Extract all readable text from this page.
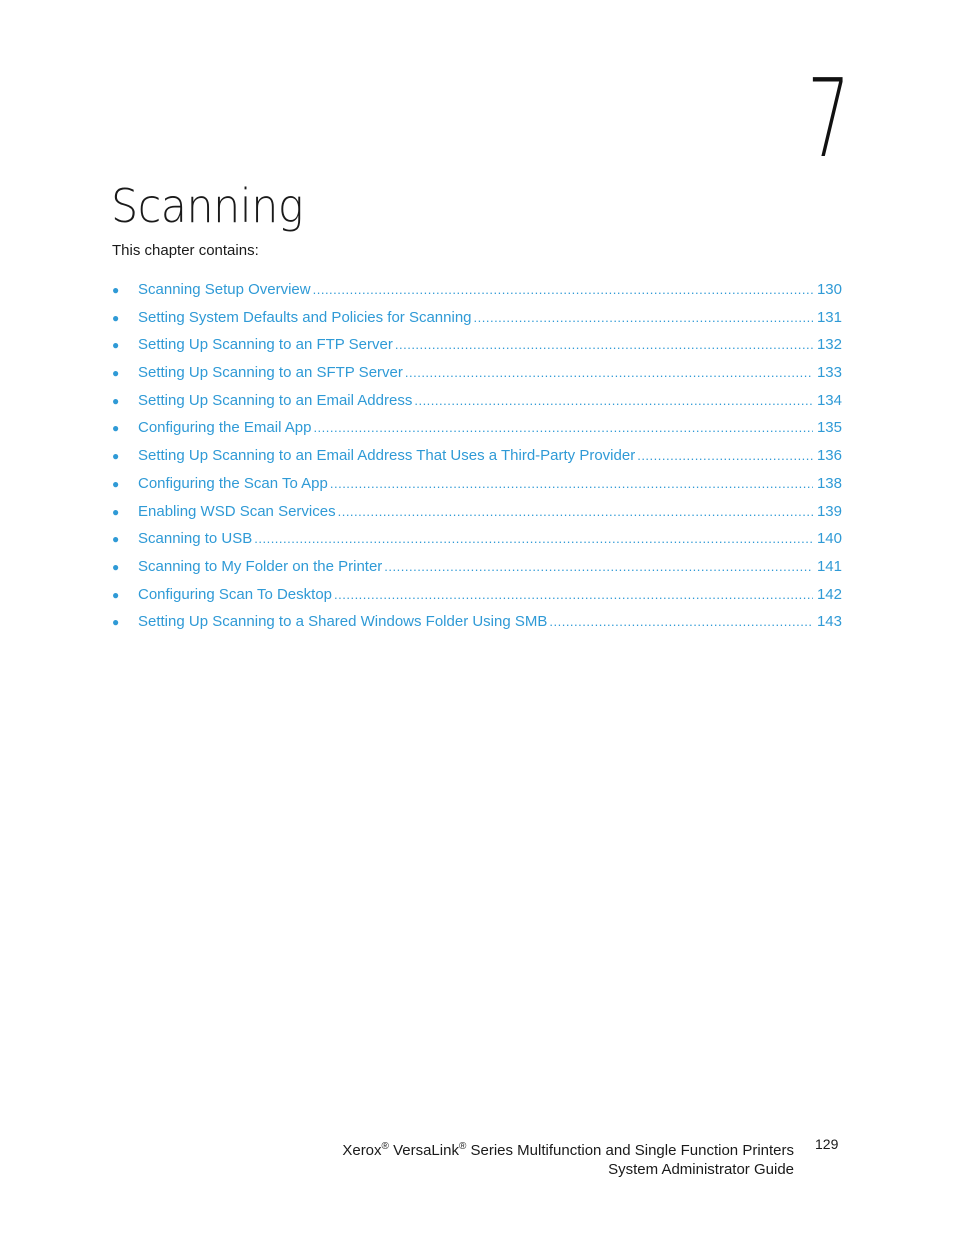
7
Scanning

This chapter contains:

●	Scanning Setup Overview .....	130
●	Setting System Defaults and Policies for Scanning .....	131
●	Setting Up Scanning to an FTP Server .....	132
●	Setting Up Scanning to an SFTP Server .....	133
●	Setting Up Scanning to an Email Address .....	134
●	Configuring the Email App .....	135
●	Setting Up Scanning to an Email Address That Uses a Third-Party Provider .....	136
●	Configuring the Scan To App .....	138
●	Enabling WSD Scan Services .....	139
●	Scanning to USB .....	140
●	Scanning to My Folder on the Printer .....	141
●	Configuring Scan To Desktop .....	142
●	Setting Up Scanning to a Shared Windows Folder Using SMB .....	143
Xerox® VersaLink® Series Multifunction and Single Function Printers
System Administrator Guide
129
